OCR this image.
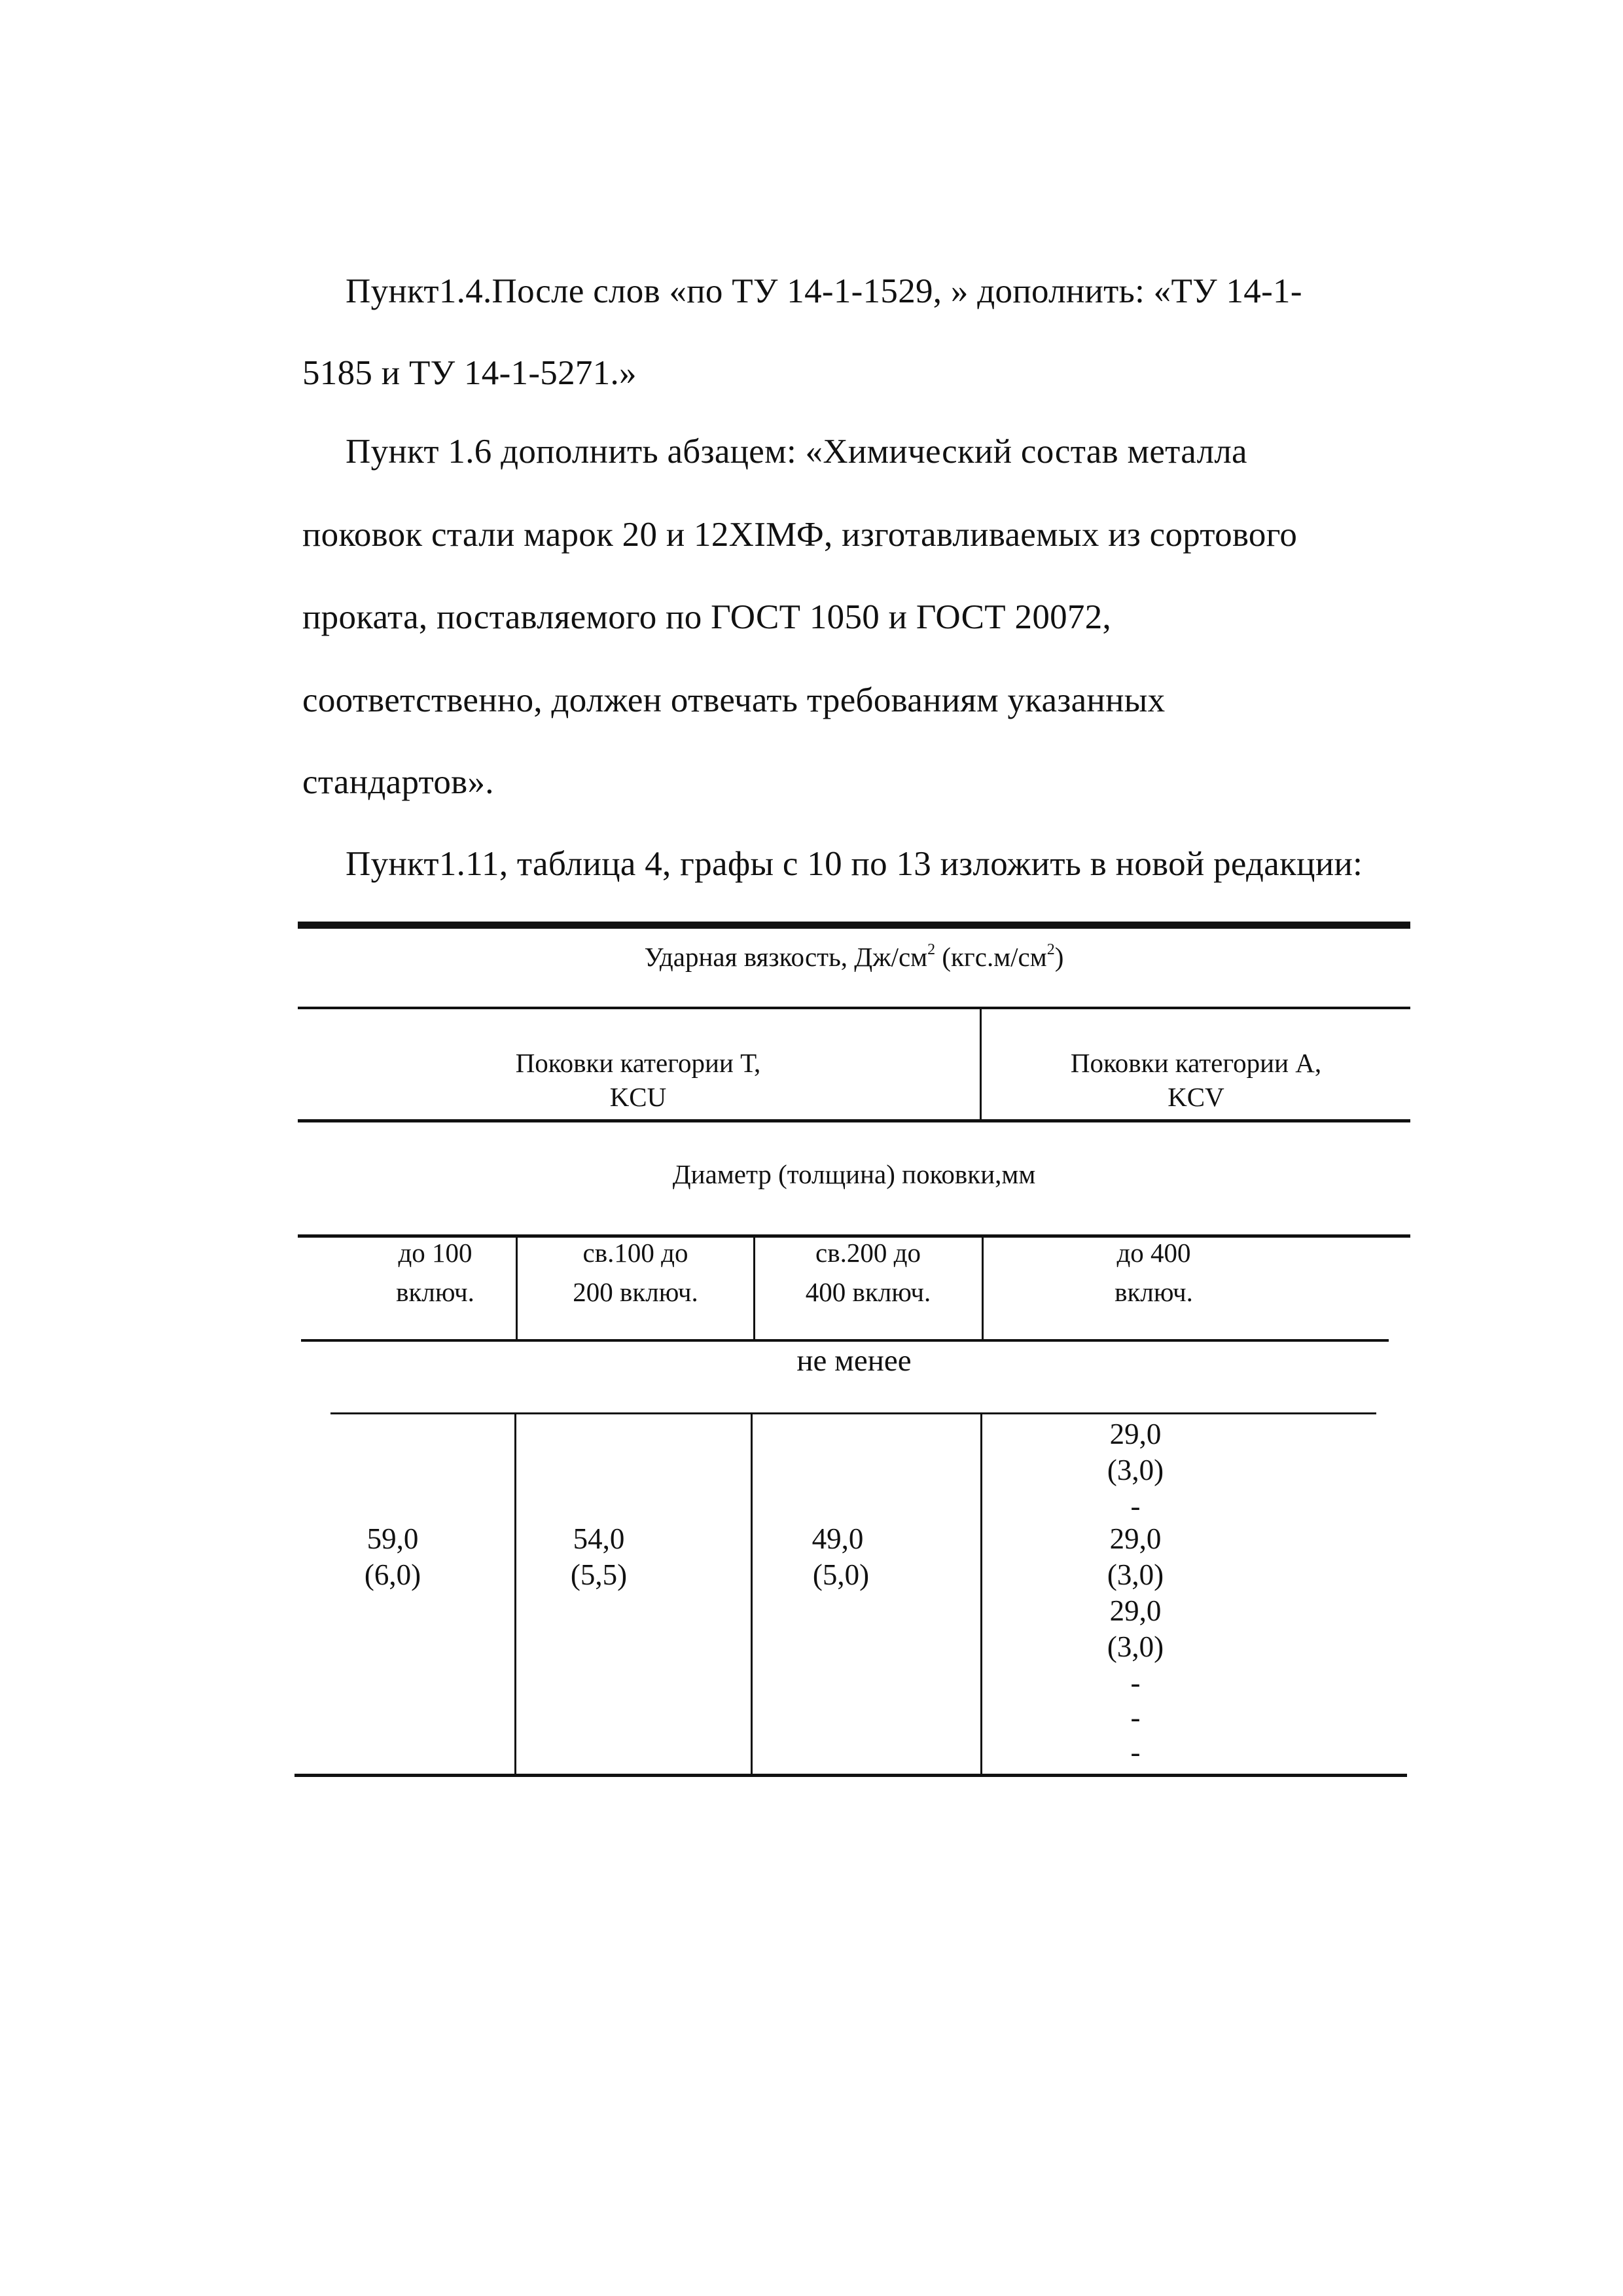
Пункт1.4.После слов «по ТУ 14-1-1529, » дополнить: «ТУ 14-1-
5185 и ТУ 14-1-5271.»
Пункт 1.6 дополнить абзацем: «Химический состав металла
поковок стали марок 20 и 12ХIМФ, изготавливаемых из сортового
проката, поставляемого по ГОСТ 1050 и ГОСТ 20072,
соответственно, должен отвечать требованиям указанных
стандартов».
Пункт1.11, таблица 4, графы с 10 по 13 изложить в новой редакции:
Ударная вязкость, $Дж/см^2$ $(кгс.м/см^2)$
Поковки категории Т,
KCU
Поковки категории А,
KCV
Диаметр (толщина) поковки,мм
до 100
включ.
св.100 до
200 включ.
св.200 до
400 включ.
до 400
включ.
не менее
59,0
(6,0)
54,0
(5,5)
49,0
(5,0)
29,0
(3,0)
-
29,0
(3,0)
29,0
(3,0)
-
-
-
